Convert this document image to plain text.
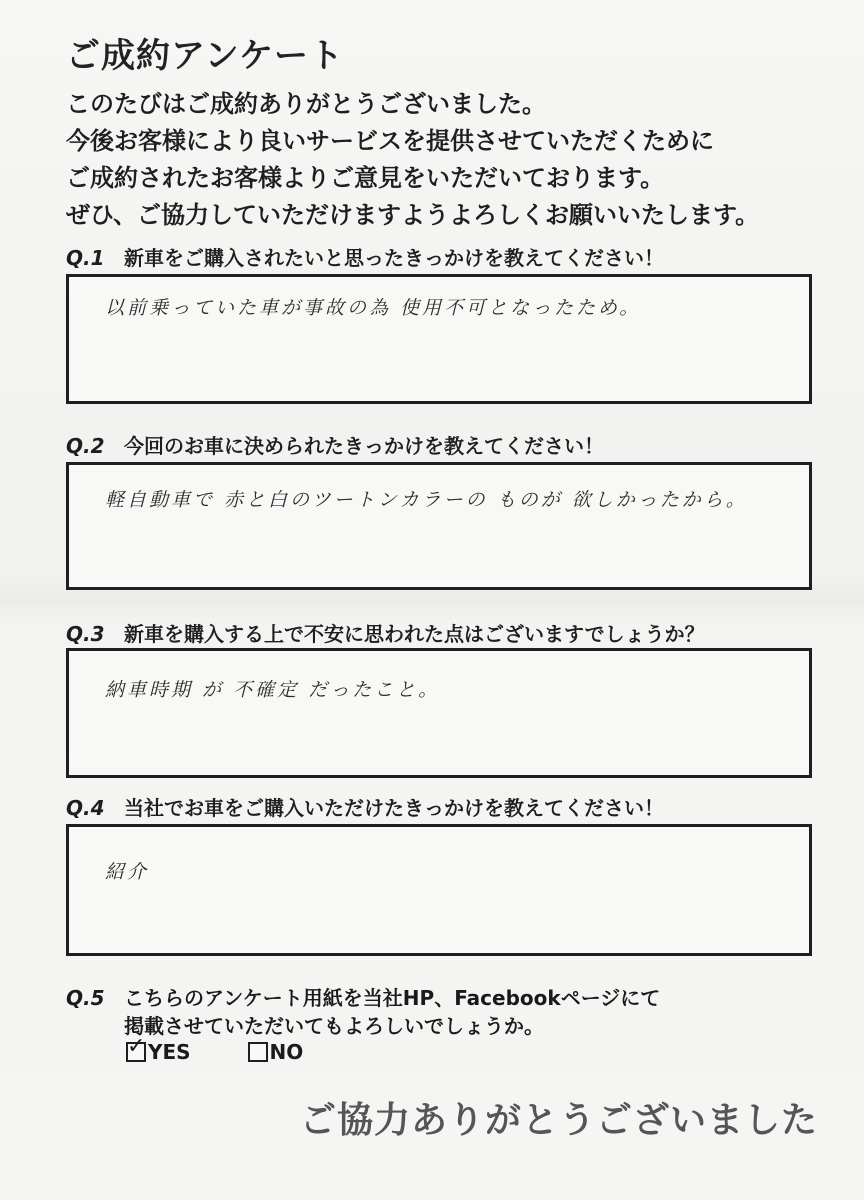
ご成約アンケート
このたびはご成約ありがとうございました。
今後お客様により良いサービスを提供させていただくために
ご成約されたお客様よりご意見をいただいております。
ぜひ、ご協力していただけますようよろしくお願いいたします。
Q.1 新車をご購入されたいと思ったきっかけを教えてください！
以前乗っていた車が事故の為 使用不可となったため。
Q.2 今回のお車に決められたきっかけを教えてください！
軽自動車で 赤と白のツートンカラーの ものが 欲しかったから。
Q.3 新車を購入する上で不安に思われた点はございますでしょうか？
納車時期 が 不確定 だったこと。
Q.4 当社でお車をご購入いただけたきっかけを教えてください！
紹介
Q.5 こちらのアンケート用紙を当社HP、Facebookページにて
掲載させていただいてもよろしいでしょうか。
✓ YES
	NO
ご協力ありがとうございました
